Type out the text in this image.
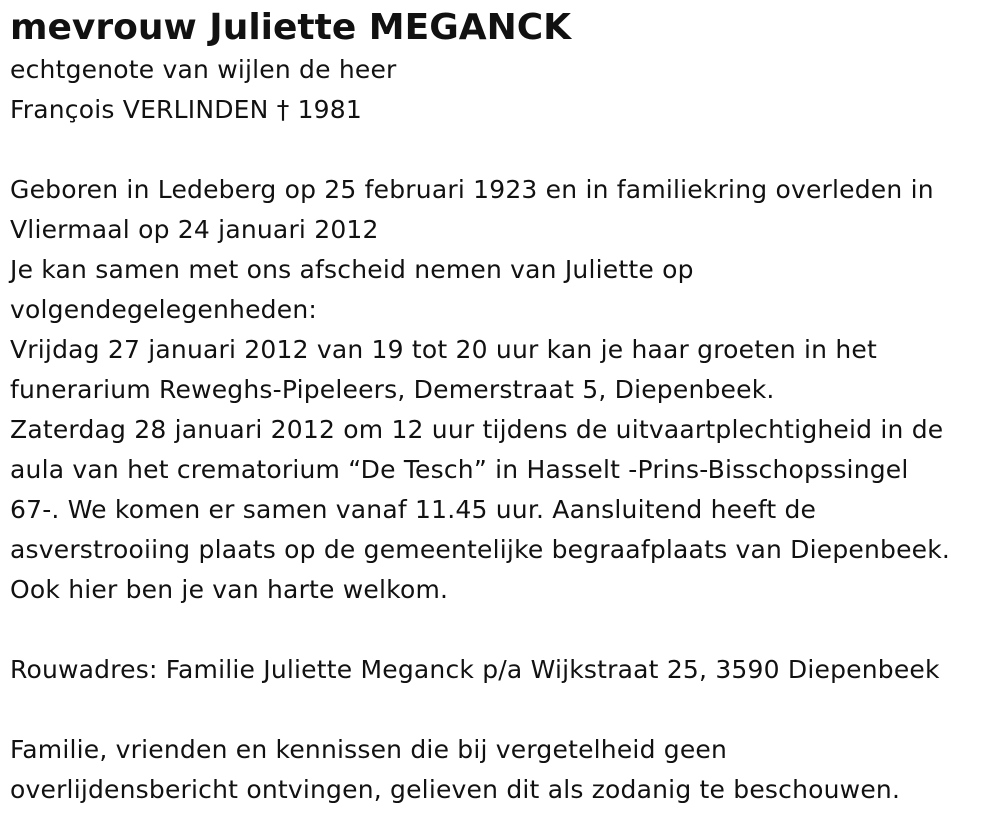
mevrouw Juliette MEGANCK

echtgenote van wijlen de heer
François VERLINDEN † 1981

Geboren in Ledeberg op 25 februari 1923 en in familiekring overleden in
Vliermaal op 24 januari 2012
Je kan samen met ons afscheid nemen van Juliette op
volgendegelegenheden:
Vrijdag 27 januari 2012 van 19 tot 20 uur kan je haar groeten in het
funerarium Reweghs-Pipeleers, Demerstraat 5, Diepenbeek.
Zaterdag 28 januari 2012 om 12 uur tijdens de uitvaartplechtigheid in de
aula van het crematorium “De Tesch” in Hasselt -Prins-Bisschopssingel
67-. We komen er samen vanaf 11.45 uur. Aansluitend heeft de
asverstrooiing plaats op de gemeentelijke begraafplaats van Diepenbeek.
Ook hier ben je van harte welkom.

Rouwadres: Familie Juliette Meganck p/a Wijkstraat 25, 3590 Diepenbeek

Familie, vrienden en kennissen die bij vergetelheid geen
overlijdensbericht ontvingen, gelieven dit als zodanig te beschouwen.
